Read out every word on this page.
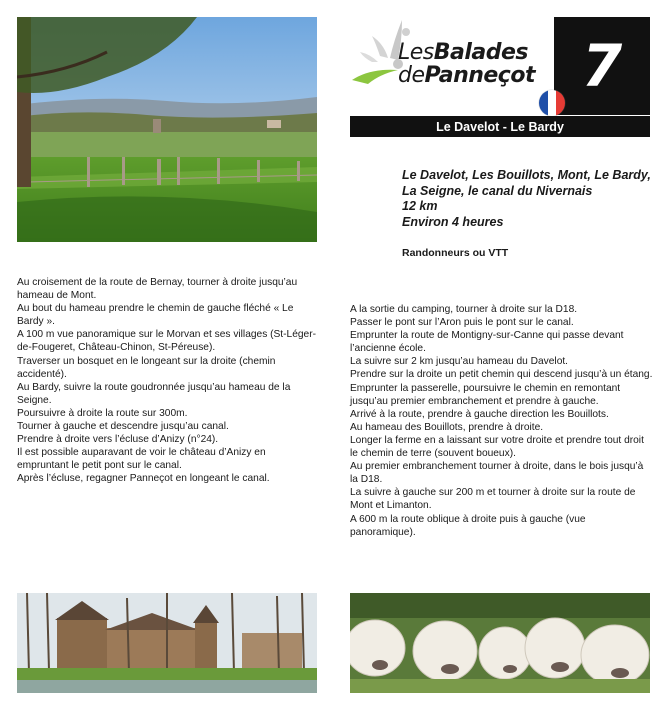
LesBalades
dePanneçot 7
Le Davelot - Le Bardy
Le Davelot, Les Bouillots, Mont, Le Bardy,
La Seigne, le canal du Nivernais
12 km
Environ 4 heures
Randonneurs ou VTT
Au croisement de la route de Bernay, tourner à droite jusqu’au hameau de Mont.
Au bout du hameau prendre le chemin de gauche fléché « Le Bardy ».
A 100 m vue panoramique sur le Morvan et ses villages (St-Léger-de-Fougeret, Château-Chinon, St-Péreuse).
Traverser un bosquet en le longeant sur la droite (chemin accidenté).
Au Bardy, suivre la route goudronnée jusqu’au hameau de la Seigne.
Poursuivre à droite la route sur 300m.
Tourner à gauche et descendre jusqu’au canal.
Prendre à droite vers l’écluse d’Anizy (n°24).
Il est possible auparavant de voir le château d’Anizy en empruntant le petit pont sur le canal.
Après l’écluse, regagner Panneçot en longeant le canal.
A la sortie du camping, tourner à droite sur la D18.
Passer le pont sur l’Aron puis le pont sur le canal.
Emprunter la route de Montigny-sur-Canne qui passe devant l’ancienne école.
La suivre sur 2 km jusqu’au hameau du Davelot.
Prendre sur la droite un petit chemin qui descend jusqu’à un étang.
Emprunter la passerelle, poursuivre le chemin en remontant jusqu’au premier embranchement et prendre à gauche.
Arrivé à la route, prendre à gauche direction les Bouillots.
Au hameau des Bouillots, prendre à droite.
Longer la ferme en a laissant sur votre droite et prendre tout droit le chemin de terre (souvent boueux).
Au premier embranchement tourner à droite, dans le bois jusqu’à la D18.
La suivre à gauche sur 200 m et tourner à droite sur la route de Mont et Limanton.
A 600 m la route oblique à droite puis à gauche (vue panoramique).
